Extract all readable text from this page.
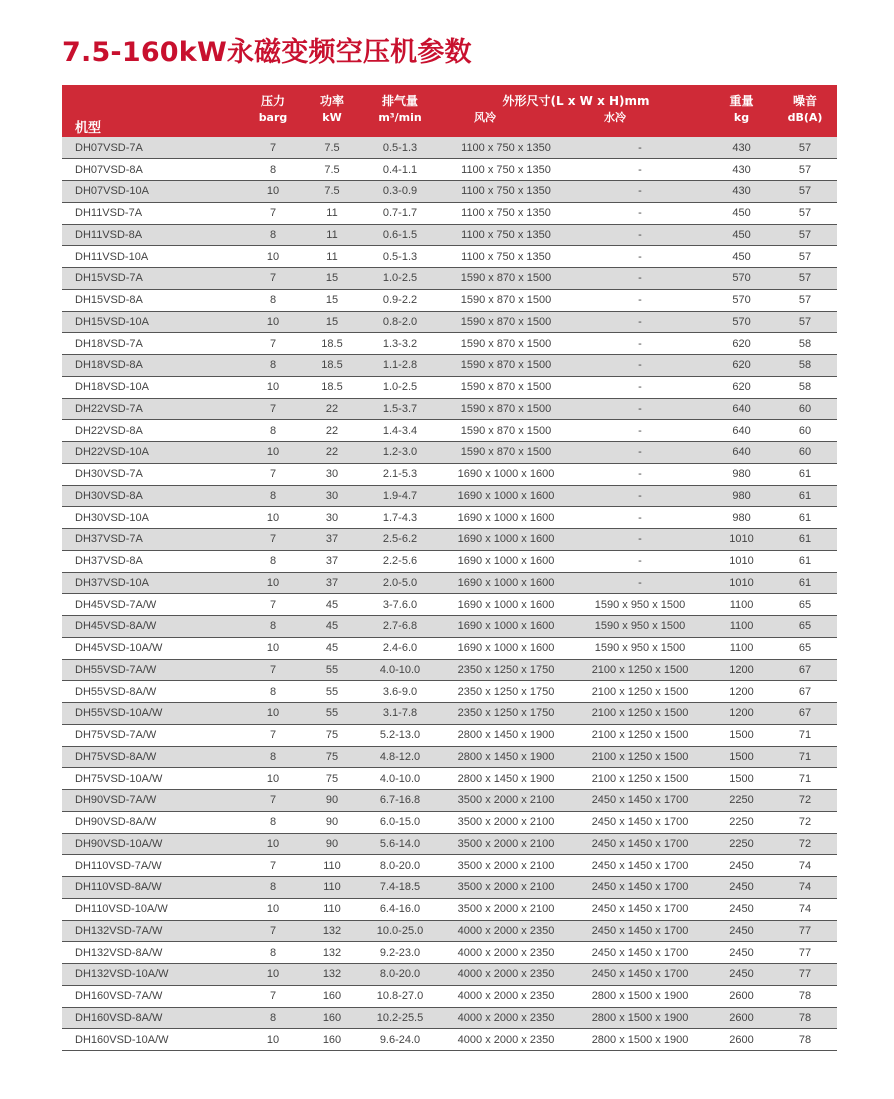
7.5-160kW永磁变频空压机参数
机型	压力	功率	排气量	外形尺寸(L x W x H)mm		重量	噪音
	barg	kW	m³/min	风冷	水冷	kg	dB(A)
DH07VSD-7A	7	7.5	0.5-1.3	1100 x 750 x 1350	-	430	57
DH07VSD-8A	8	7.5	0.4-1.1	1100 x 750 x 1350	-	430	57
DH07VSD-10A	10	7.5	0.3-0.9	1100 x 750 x 1350	-	430	57
DH11VSD-7A	7	11	0.7-1.7	1100 x 750 x 1350	-	450	57
DH11VSD-8A	8	11	0.6-1.5	1100 x 750 x 1350	-	450	57
DH11VSD-10A	10	11	0.5-1.3	1100 x 750 x 1350	-	450	57
DH15VSD-7A	7	15	1.0-2.5	1590 x 870 x 1500	-	570	57
DH15VSD-8A	8	15	0.9-2.2	1590 x 870 x 1500	-	570	57
DH15VSD-10A	10	15	0.8-2.0	1590 x 870 x 1500	-	570	57
DH18VSD-7A	7	18.5	1.3-3.2	1590 x 870 x 1500	-	620	58
DH18VSD-8A	8	18.5	1.1-2.8	1590 x 870 x 1500	-	620	58
DH18VSD-10A	10	18.5	1.0-2.5	1590 x 870 x 1500	-	620	58
DH22VSD-7A	7	22	1.5-3.7	1590 x 870 x 1500	-	640	60
DH22VSD-8A	8	22	1.4-3.4	1590 x 870 x 1500	-	640	60
DH22VSD-10A	10	22	1.2-3.0	1590 x 870 x 1500	-	640	60
DH30VSD-7A	7	30	2.1-5.3	1690 x 1000 x 1600	-	980	61
DH30VSD-8A	8	30	1.9-4.7	1690 x 1000 x 1600	-	980	61
DH30VSD-10A	10	30	1.7-4.3	1690 x 1000 x 1600	-	980	61
DH37VSD-7A	7	37	2.5-6.2	1690 x 1000 x 1600	-	1010	61
DH37VSD-8A	8	37	2.2-5.6	1690 x 1000 x 1600	-	1010	61
DH37VSD-10A	10	37	2.0-5.0	1690 x 1000 x 1600	-	1010	61
DH45VSD-7A/W	7	45	3-7.6.0	1690 x 1000 x 1600	1590 x 950 x 1500	1100	65
DH45VSD-8A/W	8	45	2.7-6.8	1690 x 1000 x 1600	1590 x 950 x 1500	1100	65
DH45VSD-10A/W	10	45	2.4-6.0	1690 x 1000 x 1600	1590 x 950 x 1500	1100	65
DH55VSD-7A/W	7	55	4.0-10.0	2350 x 1250 x 1750	2100 x 1250 x 1500	1200	67
DH55VSD-8A/W	8	55	3.6-9.0	2350 x 1250 x 1750	2100 x 1250 x 1500	1200	67
DH55VSD-10A/W	10	55	3.1-7.8	2350 x 1250 x 1750	2100 x 1250 x 1500	1200	67
DH75VSD-7A/W	7	75	5.2-13.0	2800 x 1450 x 1900	2100 x 1250 x 1500	1500	71
DH75VSD-8A/W	8	75	4.8-12.0	2800 x 1450 x 1900	2100 x 1250 x 1500	1500	71
DH75VSD-10A/W	10	75	4.0-10.0	2800 x 1450 x 1900	2100 x 1250 x 1500	1500	71
DH90VSD-7A/W	7	90	6.7-16.8	3500 x 2000 x 2100	2450 x 1450 x 1700	2250	72
DH90VSD-8A/W	8	90	6.0-15.0	3500 x 2000 x 2100	2450 x 1450 x 1700	2250	72
DH90VSD-10A/W	10	90	5.6-14.0	3500 x 2000 x 2100	2450 x 1450 x 1700	2250	72
DH110VSD-7A/W	7	110	8.0-20.0	3500 x 2000 x 2100	2450 x 1450 x 1700	2450	74
DH110VSD-8A/W	8	110	7.4-18.5	3500 x 2000 x 2100	2450 x 1450 x 1700	2450	74
DH110VSD-10A/W	10	110	6.4-16.0	3500 x 2000 x 2100	2450 x 1450 x 1700	2450	74
DH132VSD-7A/W	7	132	10.0-25.0	4000 x 2000 x 2350	2450 x 1450 x 1700	2450	77
DH132VSD-8A/W	8	132	9.2-23.0	4000 x 2000 x 2350	2450 x 1450 x 1700	2450	77
DH132VSD-10A/W	10	132	8.0-20.0	4000 x 2000 x 2350	2450 x 1450 x 1700	2450	77
DH160VSD-7A/W	7	160	10.8-27.0	4000 x 2000 x 2350	2800 x 1500 x 1900	2600	78
DH160VSD-8A/W	8	160	10.2-25.5	4000 x 2000 x 2350	2800 x 1500 x 1900	2600	78
DH160VSD-10A/W	10	160	9.6-24.0	4000 x 2000 x 2350	2800 x 1500 x 1900	2600	78
